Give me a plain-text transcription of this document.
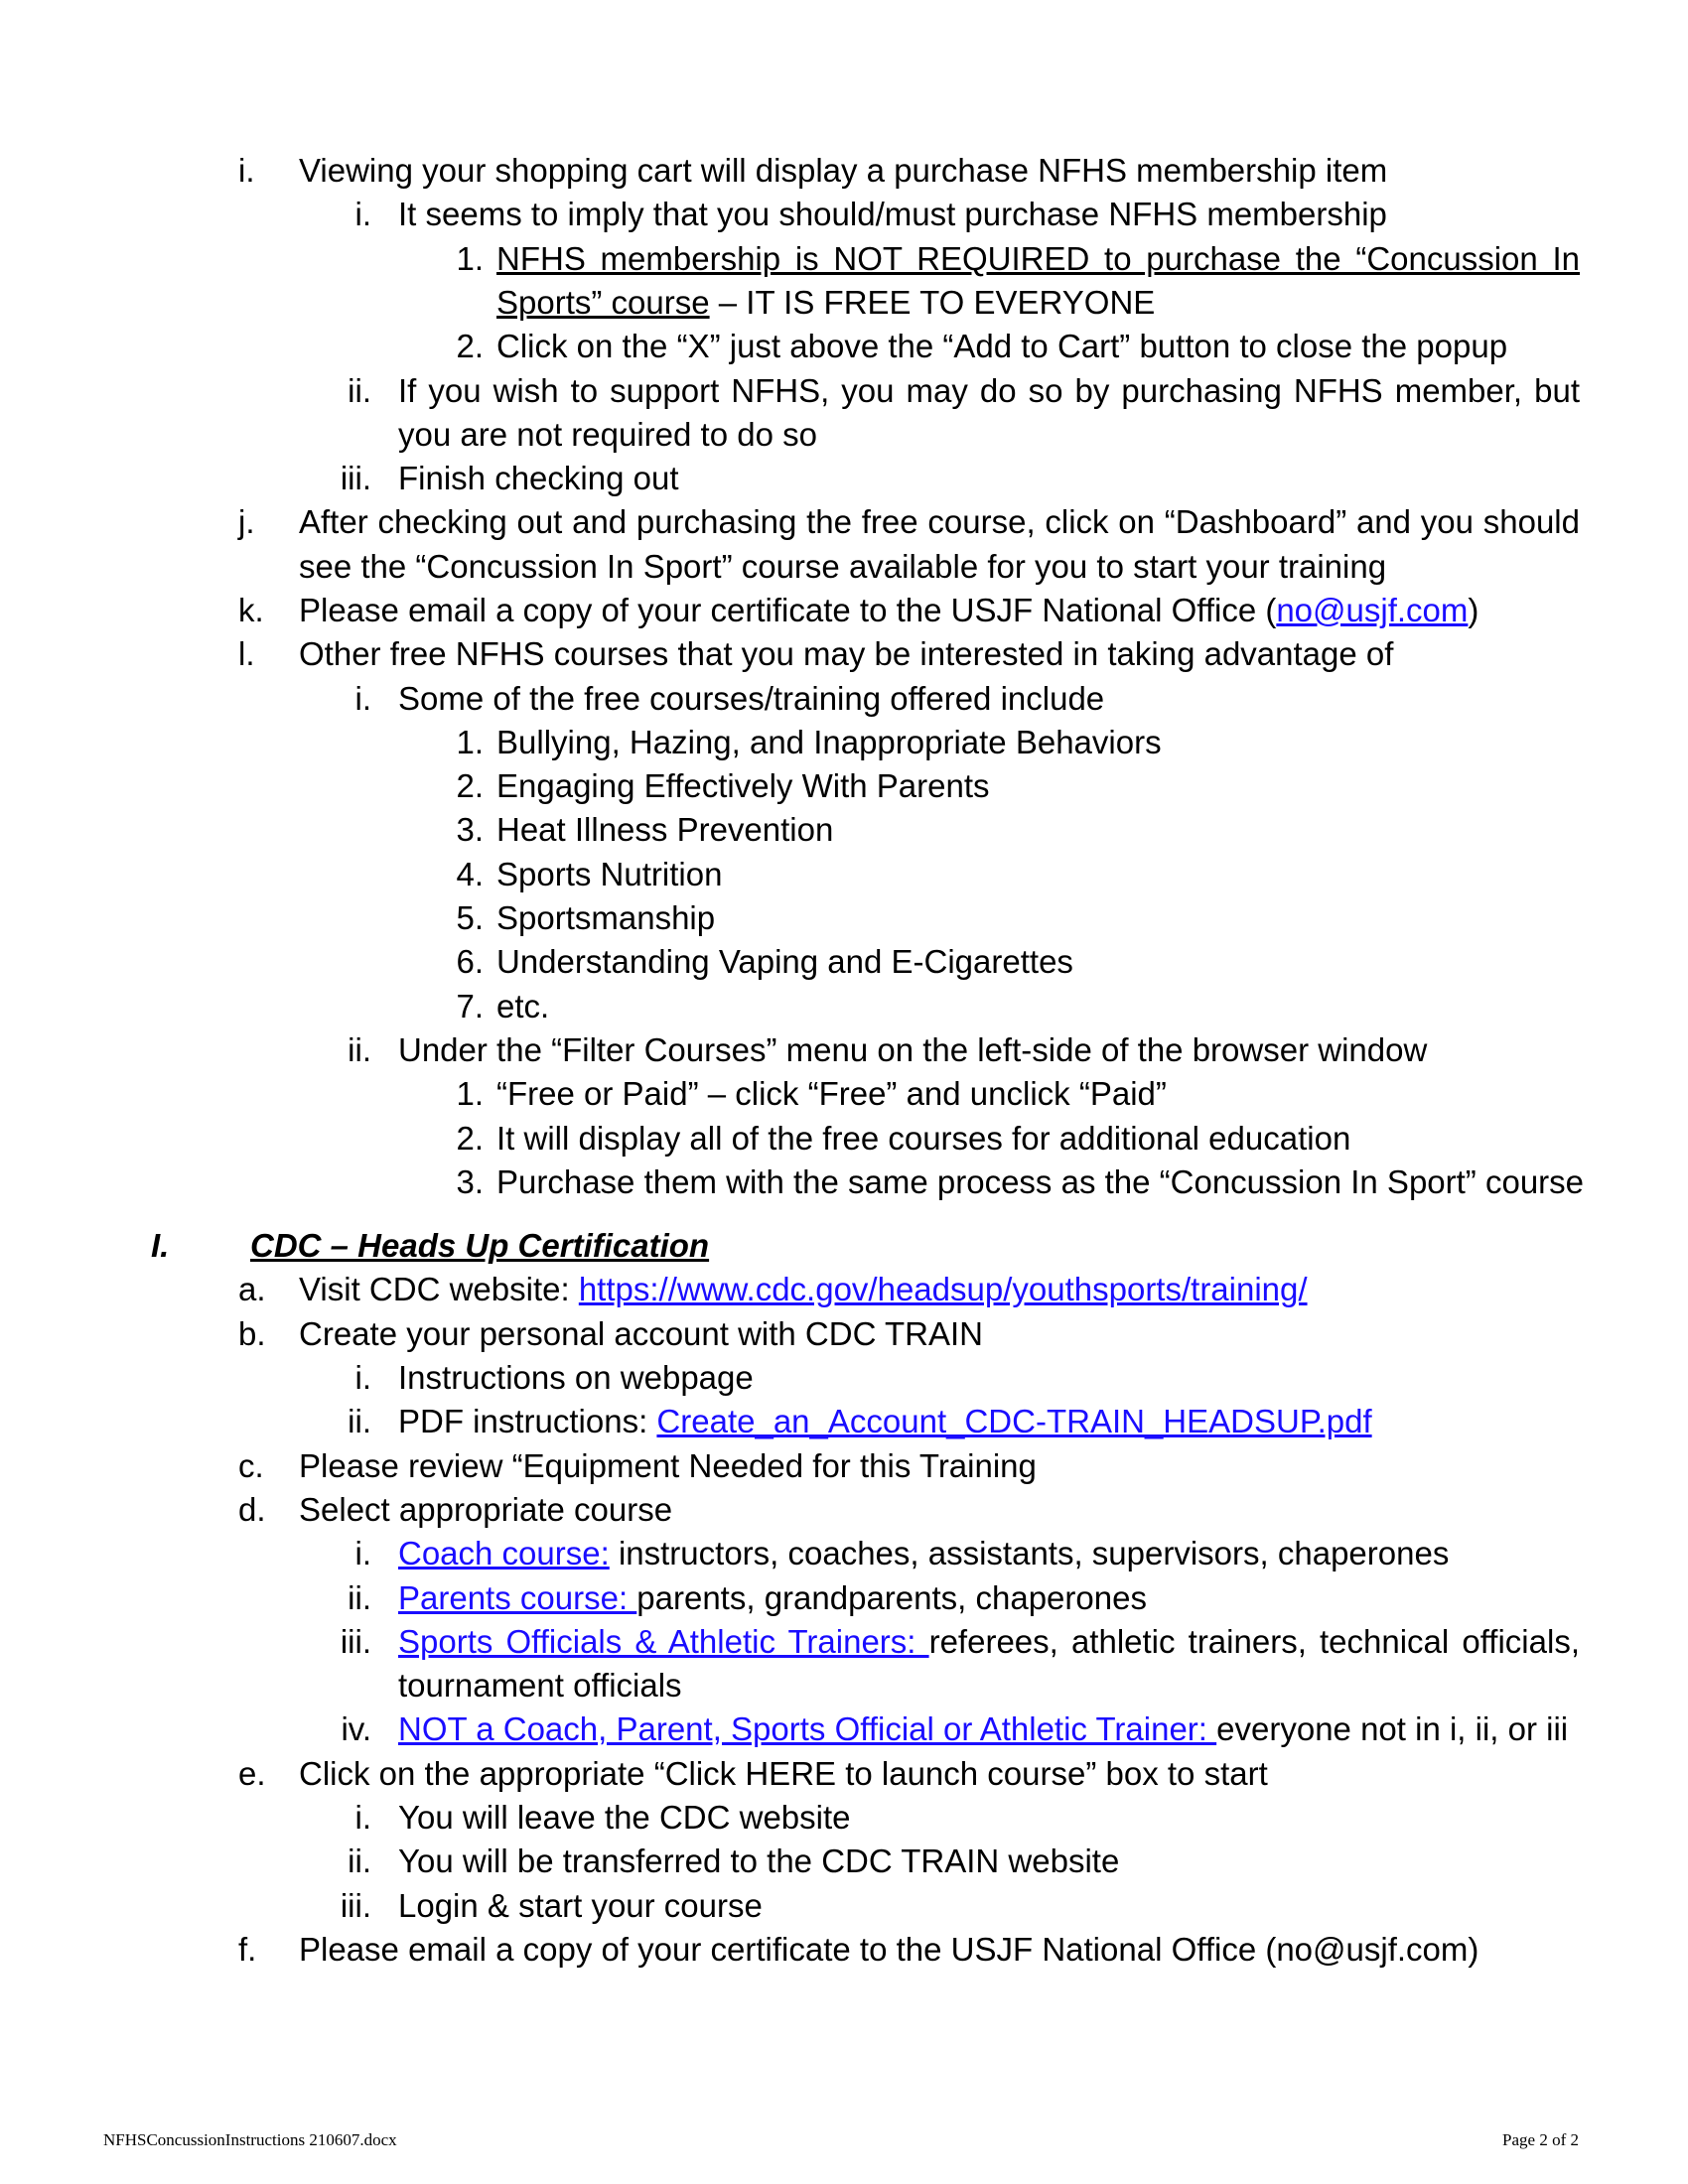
i.	Viewing your shopping cart will display a purchase NFHS membership item
i. It seems to imply that you should/must purchase NFHS membership
1. NFHS membership is NOT REQUIRED to purchase the “Concussion In
Sports” course – IT IS FREE TO EVERYONE
2. Click on the “X” just above the “Add to Cart” button to close the popup
ii. If you wish to support NFHS, you may do so by purchasing NFHS member, but
you are not required to do so
iii. Finish checking out
j.	After checking out and purchasing the free course, click on “Dashboard” and you should
see the “Concussion In Sport” course available for you to start your training
k. Please email a copy of your certificate to the USJF National Office (no@usjf.com)
l.	Other free NFHS courses that you may be interested in taking advantage of
i. Some of the free courses/training offered include
1. Bullying, Hazing, and Inappropriate Behaviors
2. Engaging Effectively With Parents
3. Heat Illness Prevention
4. Sports Nutrition
5. Sportsmanship
6. Understanding Vaping and E-Cigarettes
7. etc.
ii. Under the “Filter Courses” menu on the left-side of the browser window
1. “Free or Paid” – click “Free” and unclick “Paid”
2. It will display all of the free courses for additional education
3. Purchase them with the same process as the “Concussion In Sport” course
I. CDC – Heads Up Certification
a. Visit CDC website: https://www.cdc.gov/headsup/youthsports/training/
b. Create your personal account with CDC TRAIN
i. Instructions on webpage
ii. PDF instructions: Create_an_Account_CDC-TRAIN_HEADSUP.pdf
c. Please review “Equipment Needed for this Training
d. Select appropriate course
i. Coach course: instructors, coaches, assistants, supervisors, chaperones
ii. Parents course: parents, grandparents, chaperones
iii. Sports Officials & Athletic Trainers: referees, athletic trainers, technical officials,
tournament officials
iv. NOT a Coach, Parent, Sports Official or Athletic Trainer: everyone not in i, ii, or iii
e. Click on the appropriate “Click HERE to launch course” box to start
i. You will leave the CDC website
ii. You will be transferred to the CDC TRAIN website
iii. Login & start your course
f.	Please email a copy of your certificate to the USJF National Office (no@usjf.com)
NFHSConcussionInstructions 210607.docx	Page 2 of 2
